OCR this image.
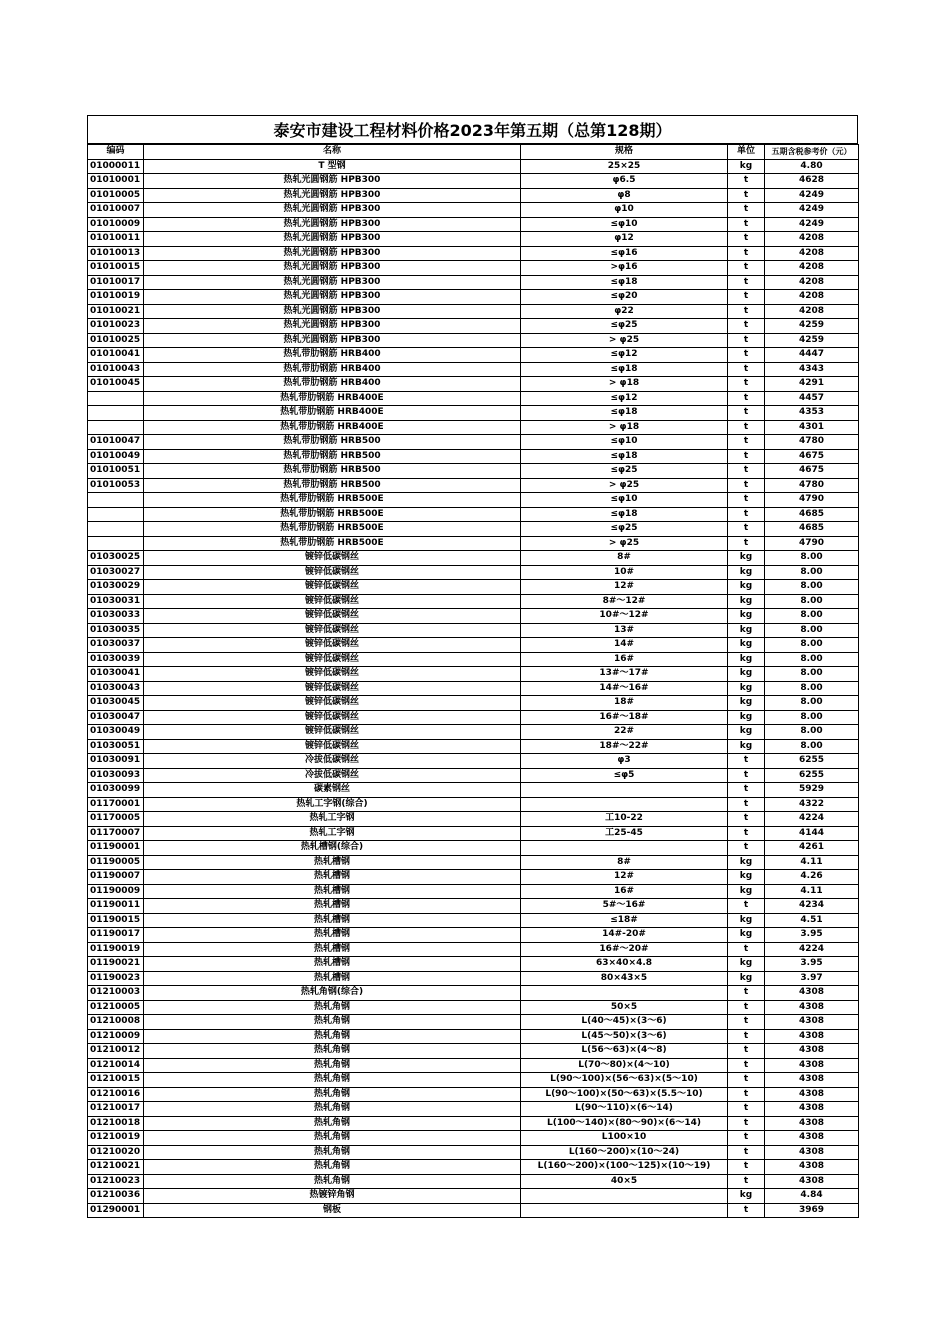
泰安市建设工程材料价格2023年第五期（总第128期）
编码	名称	规格	单位	五期含税参考价（元）
01000011	T 型钢	25×25	kg	4.80
01010001	热轧光圆钢筋 HPB300	φ6.5	t	4628
01010005	热轧光圆钢筋 HPB300	φ8	t	4249
01010007	热轧光圆钢筋 HPB300	φ10	t	4249
01010009	热轧光圆钢筋 HPB300	≤φ10	t	4249
01010011	热轧光圆钢筋 HPB300	φ12	t	4208
01010013	热轧光圆钢筋 HPB300	≤φ16	t	4208
01010015	热轧光圆钢筋 HPB300	>φ16	t	4208
01010017	热轧光圆钢筋 HPB300	≤φ18	t	4208
01010019	热轧光圆钢筋 HPB300	≤φ20	t	4208
01010021	热轧光圆钢筋 HPB300	φ22	t	4208
01010023	热轧光圆钢筋 HPB300	≤φ25	t	4259
01010025	热轧光圆钢筋 HPB300	> φ25	t	4259
01010041	热轧带肋钢筋 HRB400	≤φ12	t	4447
01010043	热轧带肋钢筋 HRB400	≤φ18	t	4343
01010045	热轧带肋钢筋 HRB400	> φ18	t	4291
	热轧带肋钢筋 HRB400E	≤φ12	t	4457
	热轧带肋钢筋 HRB400E	≤φ18	t	4353
	热轧带肋钢筋 HRB400E	> φ18	t	4301
01010047	热轧带肋钢筋 HRB500	≤φ10	t	4780
01010049	热轧带肋钢筋 HRB500	≤φ18	t	4675
01010051	热轧带肋钢筋 HRB500	≤φ25	t	4675
01010053	热轧带肋钢筋 HRB500	> φ25	t	4780
	热轧带肋钢筋 HRB500E	≤φ10	t	4790
	热轧带肋钢筋 HRB500E	≤φ18	t	4685
	热轧带肋钢筋 HRB500E	≤φ25	t	4685
	热轧带肋钢筋 HRB500E	> φ25	t	4790
01030025	镀锌低碳钢丝	8#	kg	8.00
01030027	镀锌低碳钢丝	10#	kg	8.00
01030029	镀锌低碳钢丝	12#	kg	8.00
01030031	镀锌低碳钢丝	8#～12#	kg	8.00
01030033	镀锌低碳钢丝	10#～12#	kg	8.00
01030035	镀锌低碳钢丝	13#	kg	8.00
01030037	镀锌低碳钢丝	14#	kg	8.00
01030039	镀锌低碳钢丝	16#	kg	8.00
01030041	镀锌低碳钢丝	13#～17#	kg	8.00
01030043	镀锌低碳钢丝	14#～16#	kg	8.00
01030045	镀锌低碳钢丝	18#	kg	8.00
01030047	镀锌低碳钢丝	16#～18#	kg	8.00
01030049	镀锌低碳钢丝	22#	kg	8.00
01030051	镀锌低碳钢丝	18#～22#	kg	8.00
01030091	冷拔低碳钢丝	φ3	t	6255
01030093	冷拔低碳钢丝	≤φ5	t	6255
01030099	碳素钢丝		t	5929
01170001	热轧工字钢(综合)		t	4322
01170005	热轧工字钢	工10-22	t	4224
01170007	热轧工字钢	工25-45	t	4144
01190001	热轧槽钢(综合)		t	4261
01190005	热轧槽钢	8#	kg	4.11
01190007	热轧槽钢	12#	kg	4.26
01190009	热轧槽钢	16#	kg	4.11
01190011	热轧槽钢	5#～16#	t	4234
01190015	热轧槽钢	≤18#	kg	4.51
01190017	热轧槽钢	14#-20#	kg	3.95
01190019	热轧槽钢	16#～20#	t	4224
01190021	热轧槽钢	63×40×4.8	kg	3.95
01190023	热轧槽钢	80×43×5	kg	3.97
01210003	热轧角钢(综合)		t	4308
01210005	热轧角钢	50×5	t	4308
01210008	热轧角钢	L(40～45)×(3～6)	t	4308
01210009	热轧角钢	L(45～50)×(3～6)	t	4308
01210012	热轧角钢	L(56～63)×(4～8)	t	4308
01210014	热轧角钢	L(70～80)×(4～10)	t	4308
01210015	热轧角钢	L(90～100)×(56～63)×(5～10)	t	4308
01210016	热轧角钢	L(90～100)×(50～63)×(5.5～10)	t	4308
01210017	热轧角钢	L(90～110)×(6～14)	t	4308
01210018	热轧角钢	L(100～140)×(80～90)×(6～14)	t	4308
01210019	热轧角钢	L100×10	t	4308
01210020	热轧角钢	L(160～200)×(10～24)	t	4308
01210021	热轧角钢	L(160～200)×(100～125)×(10～19)	t	4308
01210023	热轧角钢	40×5	t	4308
01210036	热镀锌角钢		kg	4.84
01290001	钢板		t	3969
